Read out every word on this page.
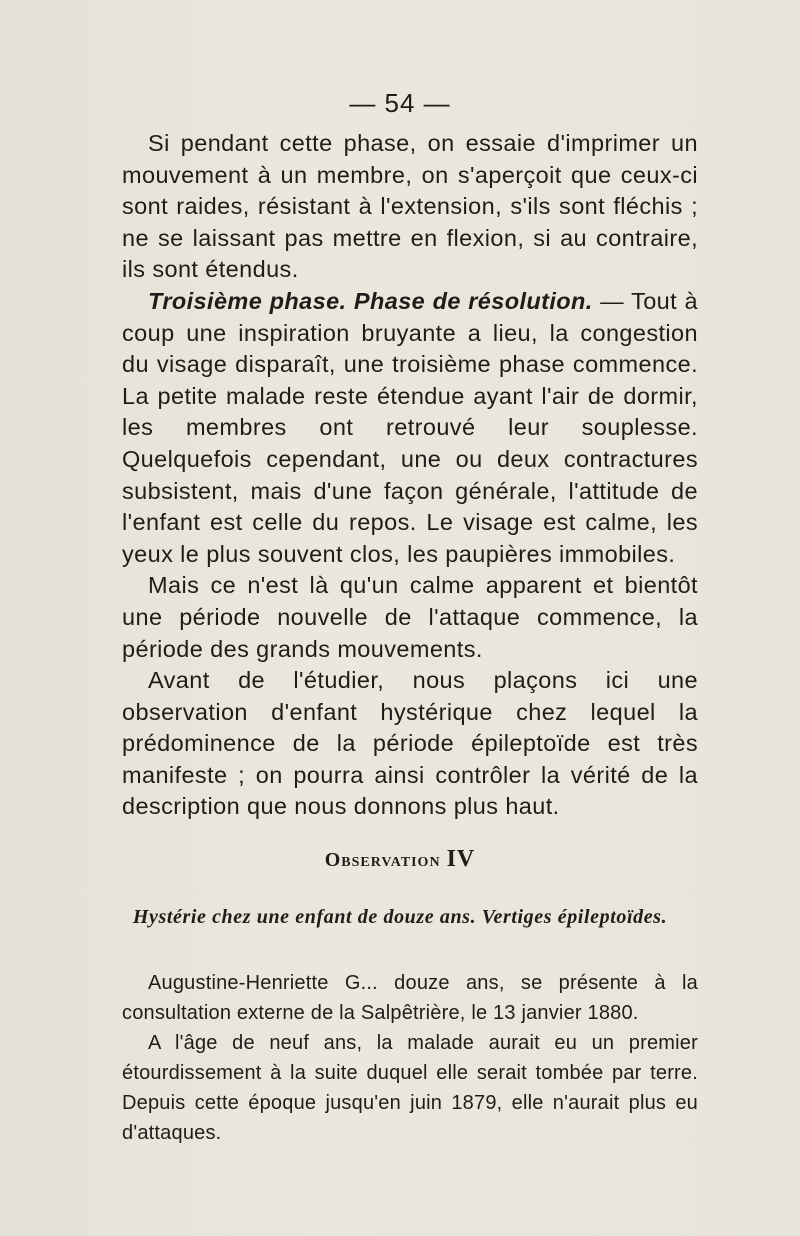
— 54 —

Si pendant cette phase, on essaie d'imprimer un mouvement à un membre, on s'aperçoit que ceux-ci sont raides, résistant à l'extension, s'ils sont fléchis ; ne se laissant pas mettre en flexion, si au contraire, ils sont étendus.

Troisième phase. Phase de résolution. — Tout à coup une inspiration bruyante a lieu, la congestion du visage disparaît, une troisième phase commence. La petite malade reste étendue ayant l'air de dormir, les membres ont retrouvé leur souplesse. Quelquefois cependant, une ou deux contractures subsistent, mais d'une façon générale, l'attitude de l'enfant est celle du repos. Le visage est calme, les yeux le plus souvent clos, les paupières immobiles.

Mais ce n'est là qu'un calme apparent et bientôt une période nouvelle de l'attaque commence, la période des grands mouvements.

Avant de l'étudier, nous plaçons ici une observation d'enfant hystérique chez lequel la prédominence de la période épileptoïde est très manifeste ; on pourra ainsi contrôler la vérité de la description que nous donnons plus haut.

Observation IV
Hystérie chez une enfant de douze ans. Vertiges épileptoïdes.

Augustine-Henriette G... douze ans, se présente à la consultation externe de la Salpêtrière, le 13 janvier 1880.

A l'âge de neuf ans, la malade aurait eu un premier étourdissement à la suite duquel elle serait tombée par terre. Depuis cette époque jusqu'en juin 1879, elle n'aurait plus eu d'attaques.
